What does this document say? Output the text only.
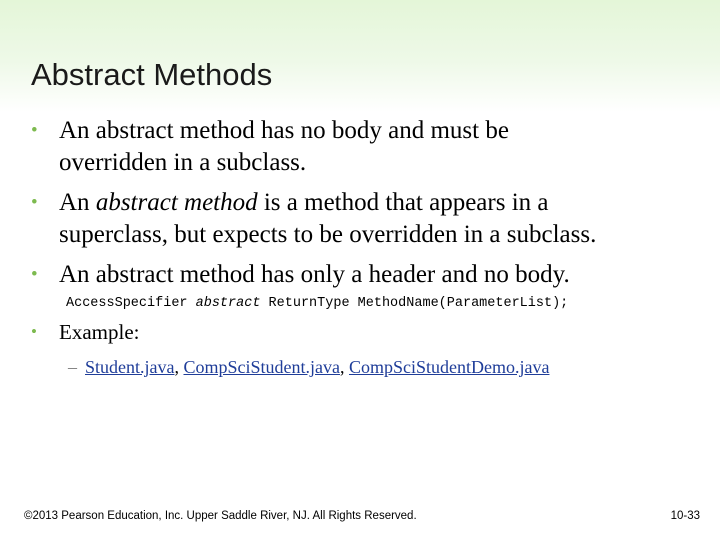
Abstract Methods
• An abstract method has no body and must be
overridden in a subclass.
• An abstract method is a method that appears in a
superclass, but expects to be overridden in a subclass.
• An abstract method has only a header and no body.
AccessSpecifier abstract ReturnType MethodName(ParameterList);
• Example:
– Student.java, CompSciStudent.java, CompSciStudentDemo.java
©2013 Pearson Education, Inc. Upper Saddle River, NJ. All Rights Reserved.	10-33
